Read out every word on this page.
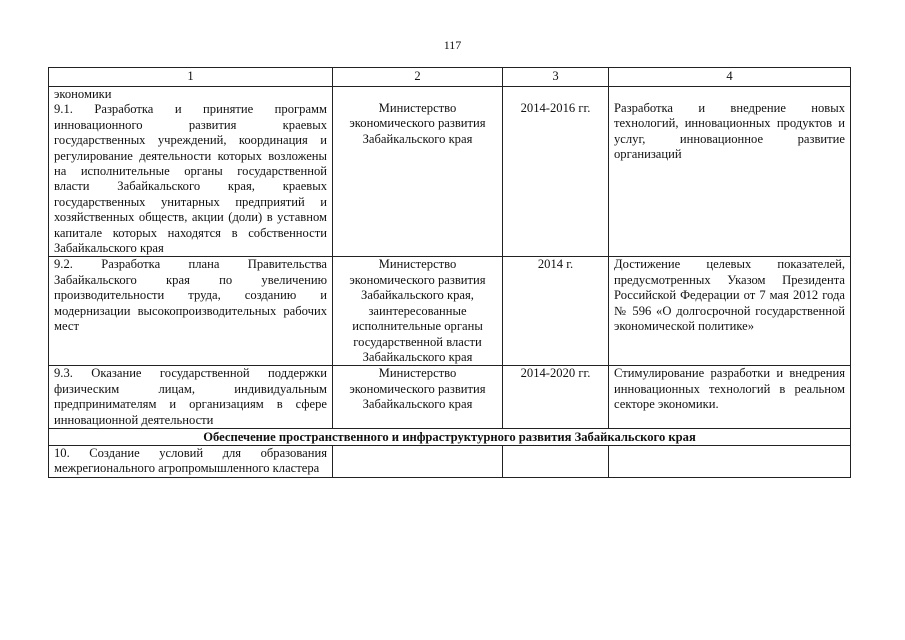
117
1	2	3	4

экономики
9.1. Разработка и принятие программ инновационного развития краевых государственных учреждений, координация и регулирование деятельности которых возложены на исполнительные органы государственной власти Забайкальского края, краевых государственных унитарных предприятий и хозяйственных обществ, акции (доли) в уставном капитале которых находятся в собственности Забайкальского края	Министерство экономического развития Забайкальского края	2014-2016 гг.	Разработка и внедрение новых технологий, инновационных продуктов и услуг, инновационное развитие организаций

9.2. Разработка плана Правительства Забайкальского края по увеличению производительности труда, созданию и модернизации высокопроизводительных рабочих мест	Министерство экономического развития Забайкальского края, заинтересованные исполнительные органы государственной власти Забайкальского края	2014 г.	Достижение целевых показателей, предусмотренных Указом Президента Российской Федерации от 7 мая 2012 года № 596 «О долгосрочной государственной экономической политике»
9.3. Оказание государственной поддержки физическим лицам, индивидуальным предпринимателям и организациям в сфере инновационной деятельности	Министерство экономического развития Забайкальского края	2014-2020 гг.	Стимулирование разработки и внедрения инновационных технологий в реальном секторе экономики.
Обеспечение пространственного и инфраструктурного развития Забайкальского края			
10. Создание условий для образования межрегионального агропромышленного кластера			
